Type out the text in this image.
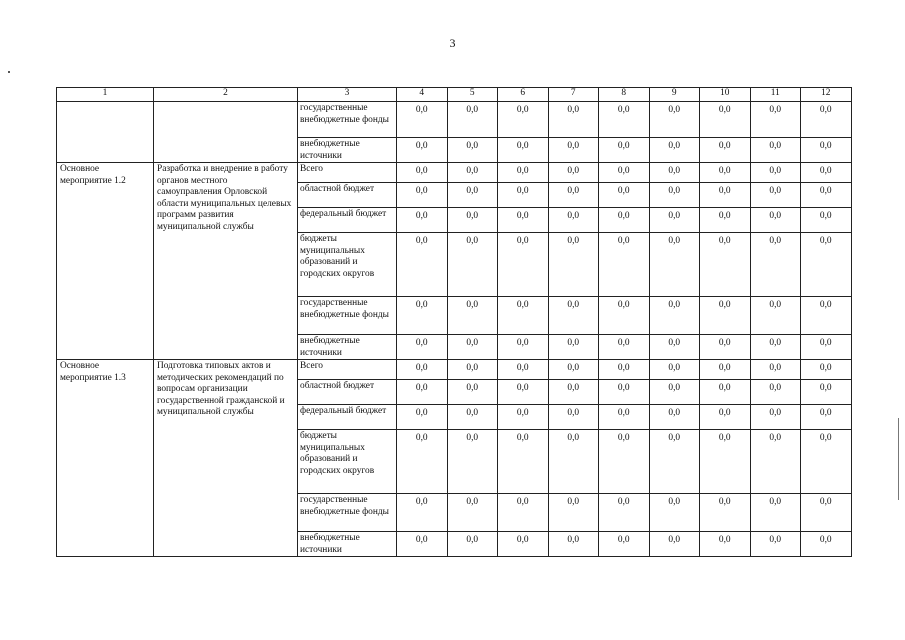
3
1	2	3	4	5	6	7	8	9	10	11	12
		государственные внебюджетные фонды	0,0	0,0	0,0	0,0	0,0	0,0	0,0	0,0	0,0
		внебюджетные источники	0,0	0,0	0,0	0,0	0,0	0,0	0,0	0,0	0,0
Основное мероприятие 1.2	Разработка и внедрение в работу органов местного самоуправления Орловской области муниципальных целевых программ развития муниципальной службы	Всего	0,0	0,0	0,0	0,0	0,0	0,0	0,0	0,0	0,0
		областной бюджет	0,0	0,0	0,0	0,0	0,0	0,0	0,0	0,0	0,0
		федеральный бюджет	0,0	0,0	0,0	0,0	0,0	0,0	0,0	0,0	0,0
		бюджеты муниципальных образований и городских округов	0,0	0,0	0,0	0,0	0,0	0,0	0,0	0,0	0,0
		государственные внебюджетные фонды	0,0	0,0	0,0	0,0	0,0	0,0	0,0	0,0	0,0
		внебюджетные источники	0,0	0,0	0,0	0,0	0,0	0,0	0,0	0,0	0,0
Основное мероприятие 1.3	Подготовка типовых актов и методических рекомендаций по вопросам организации государственной гражданской и муниципальной службы	Всего	0,0	0,0	0,0	0,0	0,0	0,0	0,0	0,0	0,0
		областной бюджет	0,0	0,0	0,0	0,0	0,0	0,0	0,0	0,0	0,0
		федеральный бюджет	0,0	0,0	0,0	0,0	0,0	0,0	0,0	0,0	0,0
		бюджеты муниципальных образований и городских округов	0,0	0,0	0,0	0,0	0,0	0,0	0,0	0,0	0,0
		государственные внебюджетные фонды	0,0	0,0	0,0	0,0	0,0	0,0	0,0	0,0	0,0
		внебюджетные источники	0,0	0,0	0,0	0,0	0,0	0,0	0,0	0,0	0,0
